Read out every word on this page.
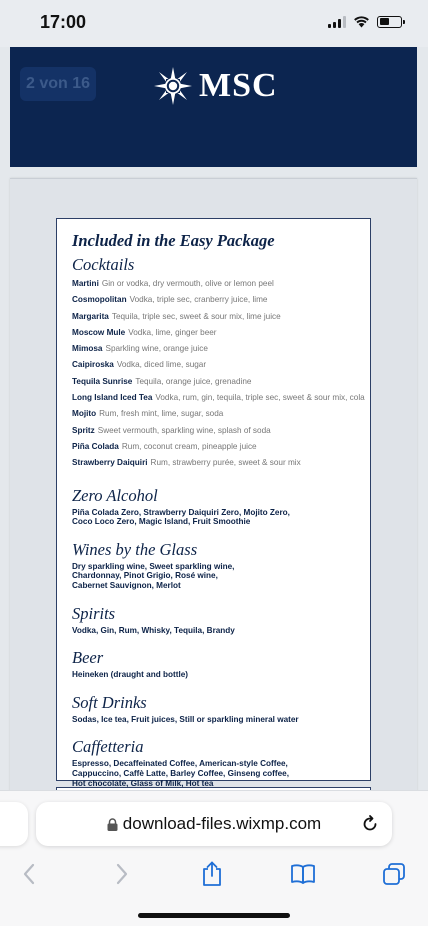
17:00
2 von 16	MSC
Included in the Easy Package
Cocktails
Martini Gin or vodka, dry vermouth, olive or lemon peel
Cosmopolitan Vodka, triple sec, cranberry juice, lime
Margarita Tequila, triple sec, sweet & sour mix, lime juice
Moscow Mule Vodka, lime, ginger beer
Mimosa Sparkling wine, orange juice
Caipiroska Vodka, diced lime, sugar
Tequila Sunrise Tequila, orange juice, grenadine
Long Island Iced Tea Vodka, rum, gin, tequila, triple sec, sweet & sour mix, cola
Mojito Rum, fresh mint, lime, sugar, soda
Spritz Sweet vermouth, sparkling wine, splash of soda
Piña Colada Rum, coconut cream, pineapple juice
Strawberry Daiquiri Rum, strawberry purée, sweet & sour mix
Zero Alcohol
Piña Colada Zero, Strawberry Daiquiri Zero, Mojito Zero,
Coco Loco Zero, Magic Island, Fruit Smoothie
Wines by the Glass
Dry sparkling wine, Sweet sparkling wine,
Chardonnay, Pinot Grigio, Rosé wine,
Cabernet Sauvignon, Merlot
Spirits
Vodka, Gin, Rum, Whisky, Tequila, Brandy
Beer
Heineken (draught and bottle)
Soft Drinks
Sodas, Ice tea, Fruit juices, Still or sparkling mineral water
Caffetteria
Espresso, Decaffeinated Coffee, American-style Coffee,
Cappuccino, Caffè Latte, Barley Coffee, Ginseng coffee,
Hot chocolate, Glass of Milk, Hot tea
download-files.wixmp.com
